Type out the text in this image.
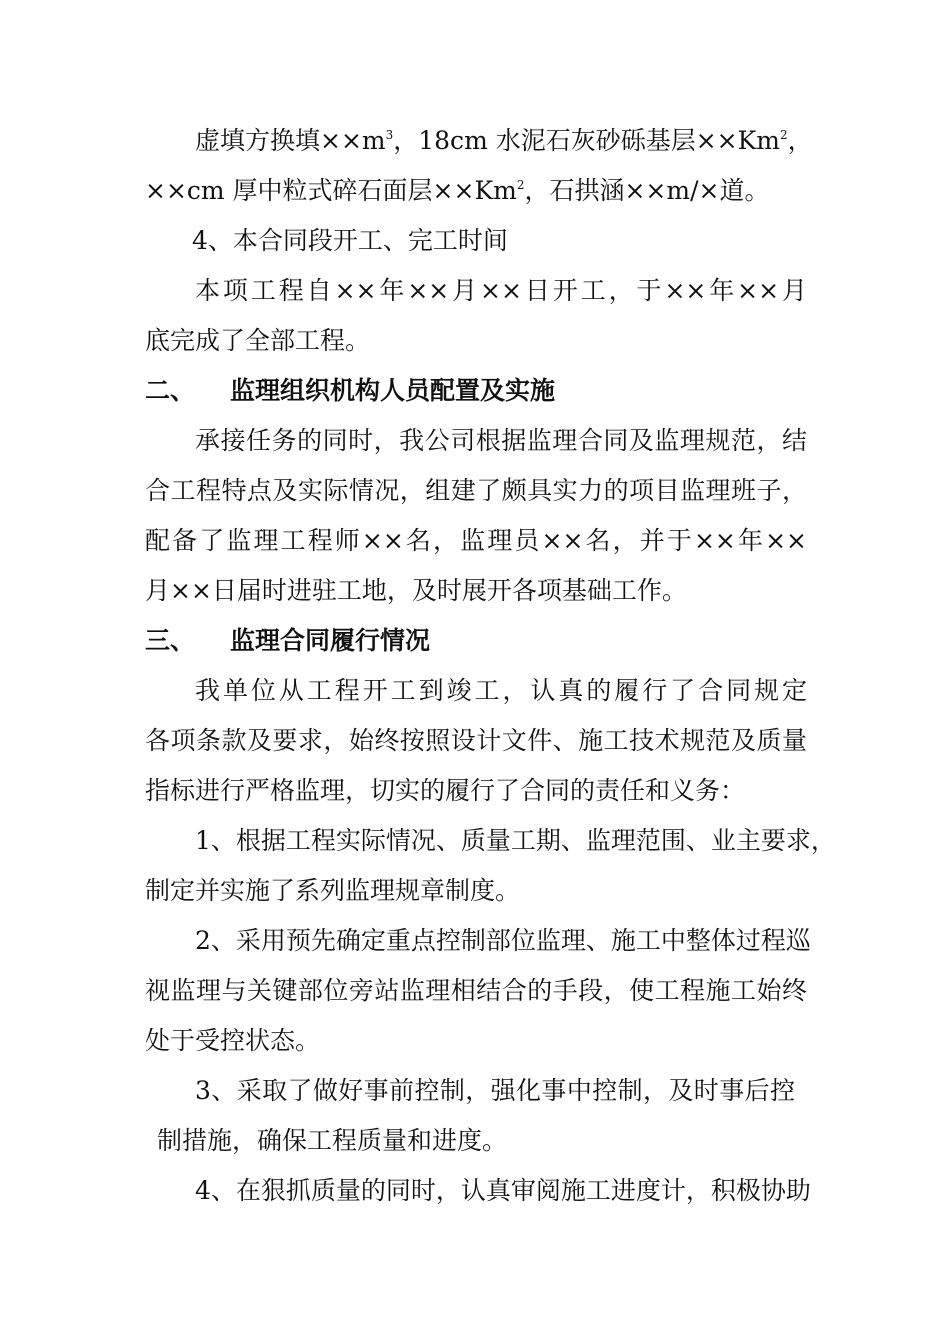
虚填方换填$\times\times m^3$，18cm 水泥石灰砂砾基层$\times\times Km^2$，
××cm 厚中粒式碎石面层$\times\times Km^2$，石拱涵××m/×道。
4、本合同段开工、完工时间
本项工程自××年××月××日开工，于××年××月
底完成了全部工程。
二、 监理组织机构人员配置及实施
承接任务的同时，我公司根据监理合同及监理规范，结
合工程特点及实际情况，组建了颇具实力的项目监理班子，
配备了监理工程师××名，监理员××名，并于××年××
月××日届时进驻工地，及时展开各项基础工作。
三、 监理合同履行情况
我单位从工程开工到竣工，认真的履行了合同规定
各项条款及要求，始终按照设计文件、施工技术规范及质量
指标进行严格监理，切实的履行了合同的责任和义务：
1、根据工程实际情况、质量工期、监理范围、业主要求，
制定并实施了系列监理规章制度。
2、采用预先确定重点控制部位监理、施工中整体过程巡
视监理与关键部位旁站监理相结合的手段，使工程施工始终
处于受控状态。
3、采取了做好事前控制，强化事中控制，及时事后控
制措施，确保工程质量和进度。
4、在狠抓质量的同时，认真审阅施工进度计，积极协助
